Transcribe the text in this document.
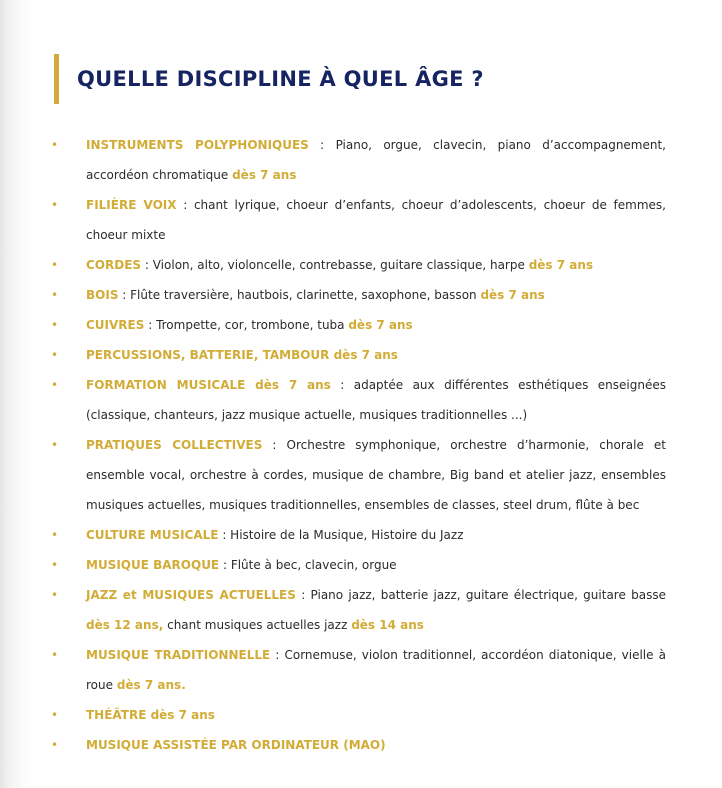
QUELLE DISCIPLINE À QUEL ÂGE ?
• INSTRUMENTS POLYPHONIQUES : Piano, orgue, clavecin, piano d’accompagnement, accordéon chromatique dès 7 ans
• FILIÈRE VOIX : chant lyrique, choeur d’enfants, choeur d’adolescents, choeur de femmes, choeur mixte
• CORDES : Violon, alto, violoncelle, contrebasse, guitare classique, harpe dès 7 ans
• BOIS : Flûte traversière, hautbois, clarinette, saxophone, basson dès 7 ans
• CUIVRES : Trompette, cor, trombone, tuba dès 7 ans
• PERCUSSIONS, BATTERIE, TAMBOUR dès 7 ans
• FORMATION MUSICALE dès 7 ans : adaptée aux différentes esthétiques enseignées (classique, chanteurs, jazz musique actuelle, musiques traditionnelles ...)
• PRATIQUES COLLECTIVES : Orchestre symphonique, orchestre d’harmonie, chorale et ensemble vocal, orchestre à cordes, musique de chambre, Big band et atelier jazz, ensembles musiques actuelles, musiques traditionnelles, ensembles de classes, steel drum, flûte à bec
• CULTURE MUSICALE : Histoire de la Musique, Histoire du Jazz
• MUSIQUE BAROQUE : Flûte à bec, clavecin, orgue
• JAZZ et MUSIQUES ACTUELLES : Piano jazz, batterie jazz, guitare électrique, guitare basse dès 12 ans, chant musiques actuelles jazz dès 14 ans
• MUSIQUE TRADITIONNELLE : Cornemuse, violon traditionnel, accordéon diatonique, vielle à roue dès 7 ans.
• THÉÂTRE dès 7 ans
• MUSIQUE ASSISTÉE PAR ORDINATEUR (MAO)
